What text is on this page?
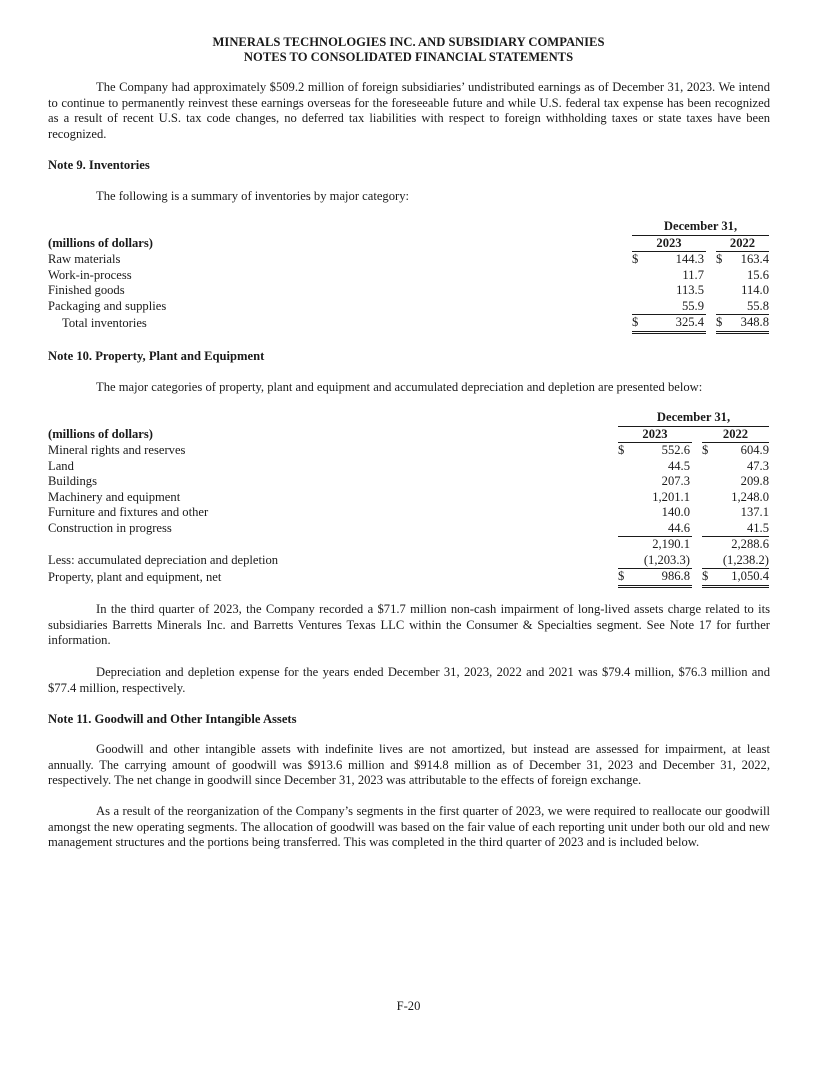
MINERALS TECHNOLOGIES INC. AND SUBSIDIARY COMPANIES
NOTES TO CONSOLIDATED FINANCIAL STATEMENTS
The Company had approximately $509.2 million of foreign subsidiaries’ undistributed earnings as of December 31, 2023. We intend to continue to permanently reinvest these earnings overseas for the foreseeable future and while U.S. federal tax expense has been recognized as a result of recent U.S. tax code changes, no deferred tax liabilities with respect to foreign withholding taxes or state taxes have been recognized.
Note 9. Inventories
The following is a summary of inventories by major category:
	December 31,				
(millions of dollars)	2023			2022	
Raw materials	$	144.3		$	163.4
Work-in-process		11.7			15.6
Finished goods		113.5			114.0
Packaging and supplies		55.9			55.8
Total inventories	$	325.4		$	348.8
Note 10. Property, Plant and Equipment
The major categories of property, plant and equipment and accumulated depreciation and depletion are presented below:
	December 31,				
(millions of dollars)	2023			2022	
Mineral rights and reserves	$	552.6		$	604.9
Land		44.5			47.3
Buildings		207.3			209.8
Machinery and equipment		1,201.1			1,248.0
Furniture and fixtures and other		140.0			137.1
Construction in progress		44.6			41.5
		2,190.1			2,288.6
Less: accumulated depreciation and depletion		(1,203.3)			(1,238.2)
Property, plant and equipment, net	$	986.8		$	1,050.4
In the third quarter of 2023, the Company recorded a $71.7 million non-cash impairment of long-lived assets charge related to its subsidiaries Barretts Minerals Inc. and Barretts Ventures Texas LLC within the Consumer & Specialties segment. See Note 17 for further information.
Depreciation and depletion expense for the years ended December 31, 2023, 2022 and 2021 was $79.4 million, $76.3 million and $77.4 million, respectively.
Note 11. Goodwill and Other Intangible Assets
Goodwill and other intangible assets with indefinite lives are not amortized, but instead are assessed for impairment, at least annually. The carrying amount of goodwill was $913.6 million and $914.8 million as of December 31, 2023 and December 31, 2022, respectively. The net change in goodwill since December 31, 2023 was attributable to the effects of foreign exchange.
As a result of the reorganization of the Company’s segments in the first quarter of 2023, we were required to reallocate our goodwill amongst the new operating segments. The allocation of goodwill was based on the fair value of each reporting unit under both our old and new management structures and the portions being transferred. This was completed in the third quarter of 2023 and is included below.
F-20
